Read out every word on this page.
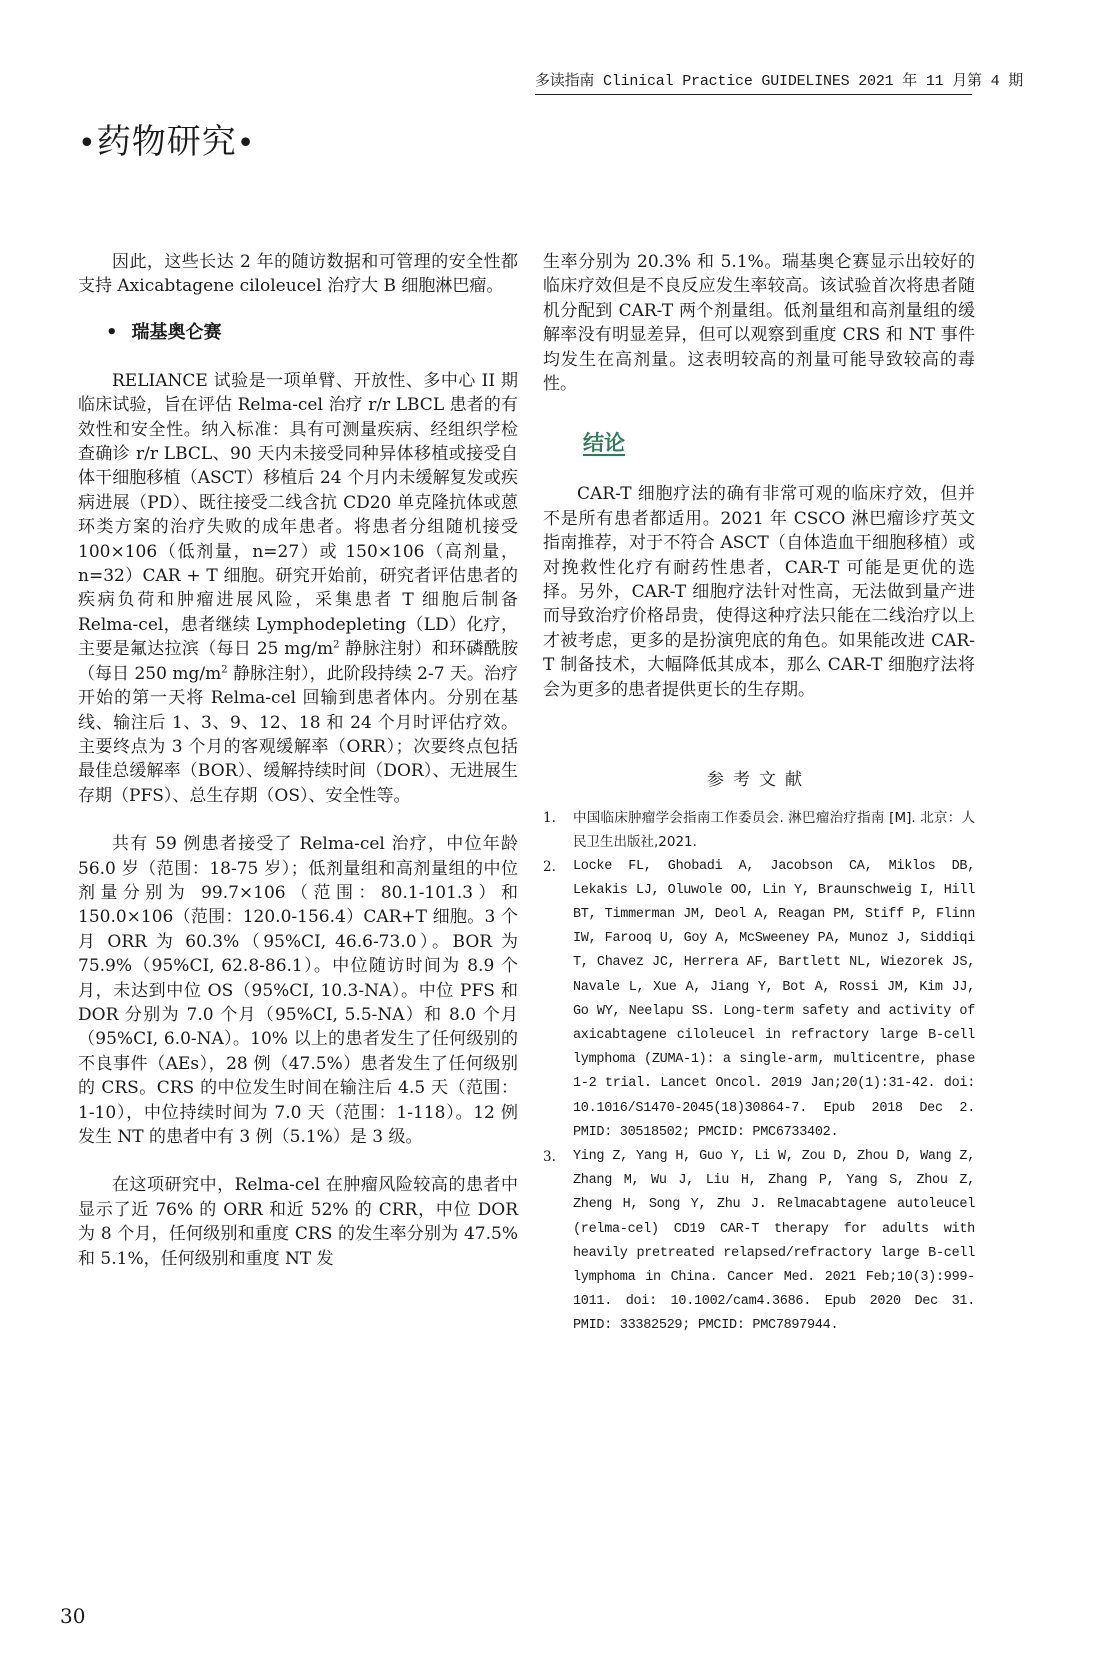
多读指南 Clinical Practice GUIDELINES 2021 年 11 月第 4 期
•药物研究•

因此，这些长达 2 年的随访数据和可管理的安全性都支持 Axicabtagene ciloleucel 治疗大 B 细胞淋巴瘤。

• 瑞基奥仑赛

RELIANCE 试验是一项单臂、开放性、多中心 II 期临床试验，旨在评估 Relma-cel 治疗 r/r LBCL 患者的有效性和安全性。纳入标准：具有可测量疾病、经组织学检查确诊 r/r LBCL、90 天内未接受同种异体移植或接受自体干细胞移植（ASCT）移植后 24 个月内未缓解复发或疾病进展（PD）、既往接受二线含抗 CD20 单克隆抗体或蒽环类方案的治疗失败的成年患者。将患者分组随机接受 100×106（低剂量，n=27）或 150×106（高剂量，n=32）CAR + T 细胞。研究开始前，研究者评估患者的疾病负荷和肿瘤进展风险，采集患者 T 细胞后制备 Relma-cel，患者继续 Lymphodepleting（LD）化疗，主要是氟达拉滨（每日 25 $mg/m^2$ 静脉注射）和环磷酰胺（每日 250 $mg/m^2$ 静脉注射），此阶段持续 2-7 天。治疗开始的第一天将 Relma-cel 回输到患者体内。分别在基线、输注后 1、3、9、12、18 和 24 个月时评估疗效。主要终点为 3 个月的客观缓解率（ORR）；次要终点包括最佳总缓解率（BOR）、缓解持续时间（DOR）、无进展生存期（PFS）、总生存期（OS）、安全性等。

共有 59 例患者接受了 Relma-cel 治疗，中位年龄 56.0 岁（范围：18-75 岁）；低剂量组和高剂量组的中位剂量分别为 99.7×106（范围：80.1-101.3）和 150.0×106（范围：120.0-156.4）CAR+T 细胞。3 个月 ORR 为 60.3%（95%CI, 46.6-73.0）。BOR 为 75.9%（95%CI, 62.8-86.1）。中位随访时间为 8.9 个月，未达到中位 OS（95%CI, 10.3-NA）。中位 PFS 和 DOR 分别为 7.0 个月（95%CI, 5.5-NA）和 8.0 个月（95%CI, 6.0-NA）。10% 以上的患者发生了任何级别的不良事件（AEs），28 例（47.5%）患者发生了任何级别的 CRS。CRS 的中位发生时间在输注后 4.5 天（范围：1-10），中位持续时间为 7.0 天（范围：1-118）。12 例发生 NT 的患者中有 3 例（5.1%）是 3 级。

在这项研究中，Relma-cel 在肿瘤风险较高的患者中显示了近 76% 的 ORR 和近 52% 的 CRR，中位 DOR 为 8 个月，任何级别和重度 CRS 的发生率分别为 47.5% 和 5.1%，任何级别和重度 NT 发

生率分别为 20.3% 和 5.1%。瑞基奥仑赛显示出较好的临床疗效但是不良反应发生率较高。该试验首次将患者随机分配到 CAR-T 两个剂量组。低剂量组和高剂量组的缓解率没有明显差异，但可以观察到重度 CRS 和 NT 事件均发生在高剂量。这表明较高的剂量可能导致较高的毒性。

结论

CAR-T 细胞疗法的确有非常可观的临床疗效，但并不是所有患者都适用。2021 年 CSCO 淋巴瘤诊疗英文指南推荐，对于不符合 ASCT（自体造血干细胞移植）或对挽救性化疗有耐药性患者，CAR-T 可能是更优的选择。另外，CAR-T 细胞疗法针对性高，无法做到量产进而导致治疗价格昂贵，使得这种疗法只能在二线治疗以上才被考虑，更多的是扮演兜底的角色。如果能改进 CAR-T 制备技术，大幅降低其成本，那么 CAR-T 细胞疗法将会为更多的患者提供更长的生存期。

参考文献
1.	中国临床肿瘤学会指南工作委员会. 淋巴瘤治疗指南 [M]. 北京：人民卫生出版社,2021.
2.	Locke FL, Ghobadi A, Jacobson CA, Miklos DB, Lekakis LJ, Oluwole OO, Lin Y, Braunschweig I, Hill BT, Timmerman JM, Deol A, Reagan PM, Stiff P, Flinn IW, Farooq U, Goy A, McSweeney PA, Munoz J, Siddiqi T, Chavez JC, Herrera AF, Bartlett NL, Wiezorek JS, Navale L, Xue A, Jiang Y, Bot A, Rossi JM, Kim JJ, Go WY, Neelapu SS. Long-term safety and activity of axicabtagene ciloleucel in refractory large B-cell lymphoma (ZUMA-1): a single-arm, multicentre, phase 1-2 trial. Lancet Oncol. 2019 Jan;20(1):31-42. doi: 10.1016/S1470-2045(18)30864-7. Epub 2018 Dec 2. PMID: 30518502; PMCID: PMC6733402.
3.	Ying Z, Yang H, Guo Y, Li W, Zou D, Zhou D, Wang Z, Zhang M, Wu J, Liu H, Zhang P, Yang S, Zhou Z, Zheng H, Song Y, Zhu J. Relmacabtagene autoleucel (relma-cel) CD19 CAR-T therapy for adults with heavily pretreated relapsed/refractory large B-cell lymphoma in China. Cancer Med. 2021 Feb;10(3):999-1011. doi: 10.1002/cam4.3686. Epub 2020 Dec 31. PMID: 33382529; PMCID: PMC7897944.
30
